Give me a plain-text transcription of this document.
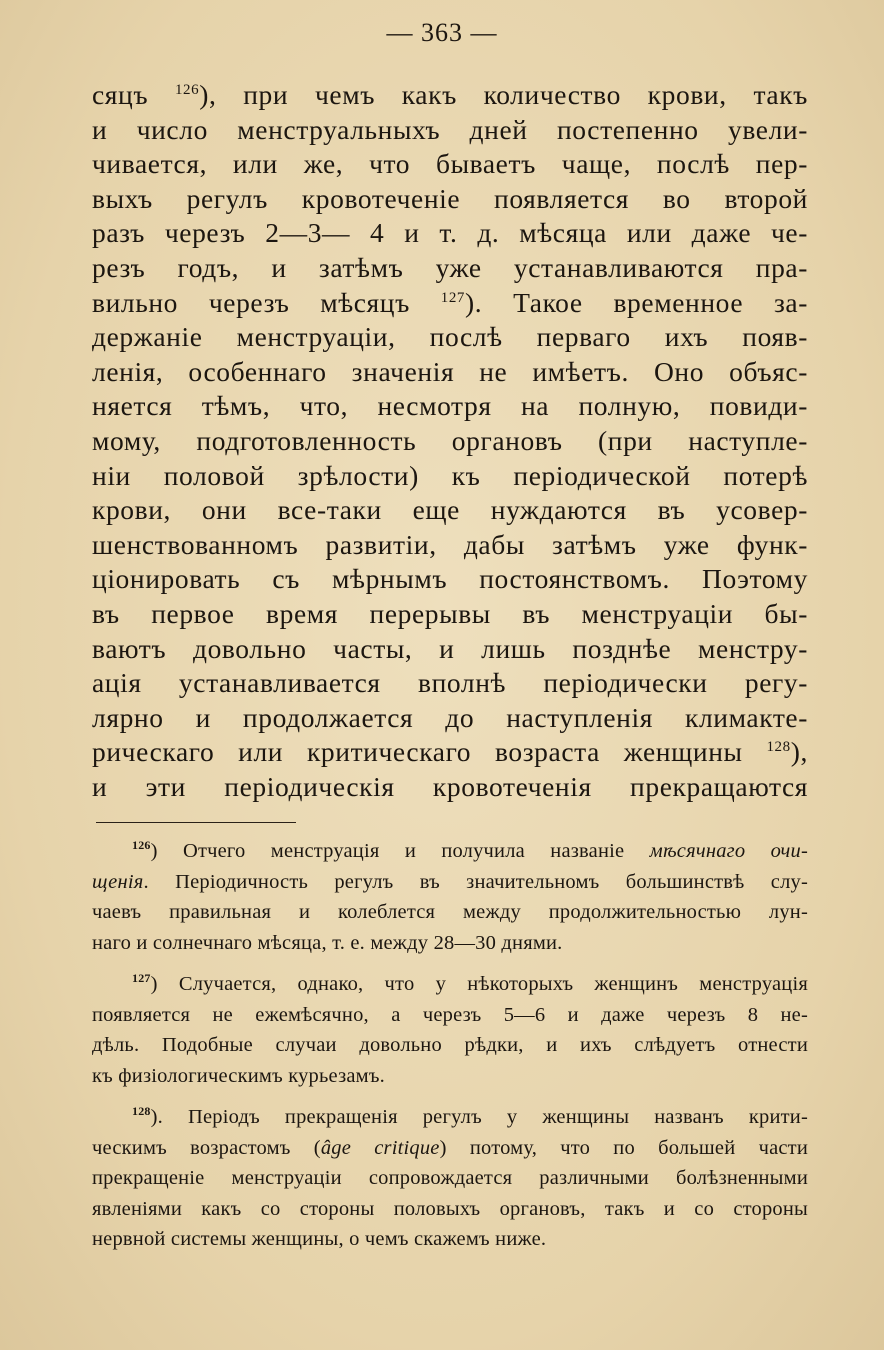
— 363 —
сяцъ $^{126}$), при чемъ какъ количество крови, такъ
и число менструальныхъ дней постепенно увели-
чивается, или же, что бываетъ чаще, послѣ пер-
выхъ регулъ кровотеченіе появляется во второй
разъ черезъ 2—3— 4 и т. д. мѣсяца или даже че-
резъ годъ, и затѣмъ уже устанавливаются пра-
вильно черезъ мѣсяцъ $^{127}$). Такое временное за-
держаніе менструаціи, послѣ перваго ихъ появ-
ленія, особеннаго значенія не имѣетъ. Оно объяс-
няется тѣмъ, что, несмотря на полную, повиди-
мому, подготовленность органовъ (при наступле-
ніи половой зрѣлости) къ періодической потерѣ
крови, они все-таки еще нуждаются въ усовер-
шенствованномъ развитіи, дабы затѣмъ уже функ-
ціонировать съ мѣрнымъ постоянствомъ. Поэтому
въ первое время перерывы въ менструаціи бы-
ваютъ довольно часты, и лишь позднѣе менстру-
ація устанавливается вполнѣ періодически регу-
лярно и продолжается до наступленія климакте-
рическаго или критическаго возраста женщины $^{128}$),
и эти періодическія кровотеченія прекращаются
$^{126}$) Отчего менструація и получила названіе мѣсячнаго очи-
щенія. Періодичность регулъ въ значительномъ большинствѣ слу-
чаевъ правильная и колеблется между продолжительностью лун-
наго и солнечнаго мѣсяца, т. е. между 28—30 днями.
$^{127}$) Случается, однако, что у нѣкоторыхъ женщинъ менструація
появляется не ежемѣсячно, а черезъ 5—6 и даже черезъ 8 не-
дѣль. Подобные случаи довольно рѣдки, и ихъ слѣдуетъ отнести
къ физіологическимъ курьезамъ.
$^{128}$). Періодъ прекращенія регулъ у женщины названъ крити-
ческимъ возрастомъ (âge critique) потому, что по большей части
прекращеніе менструаціи сопровождается различными болѣзненными
явленіями какъ со стороны половыхъ органовъ, такъ и со стороны
нервной системы женщины, о чемъ скажемъ ниже.
